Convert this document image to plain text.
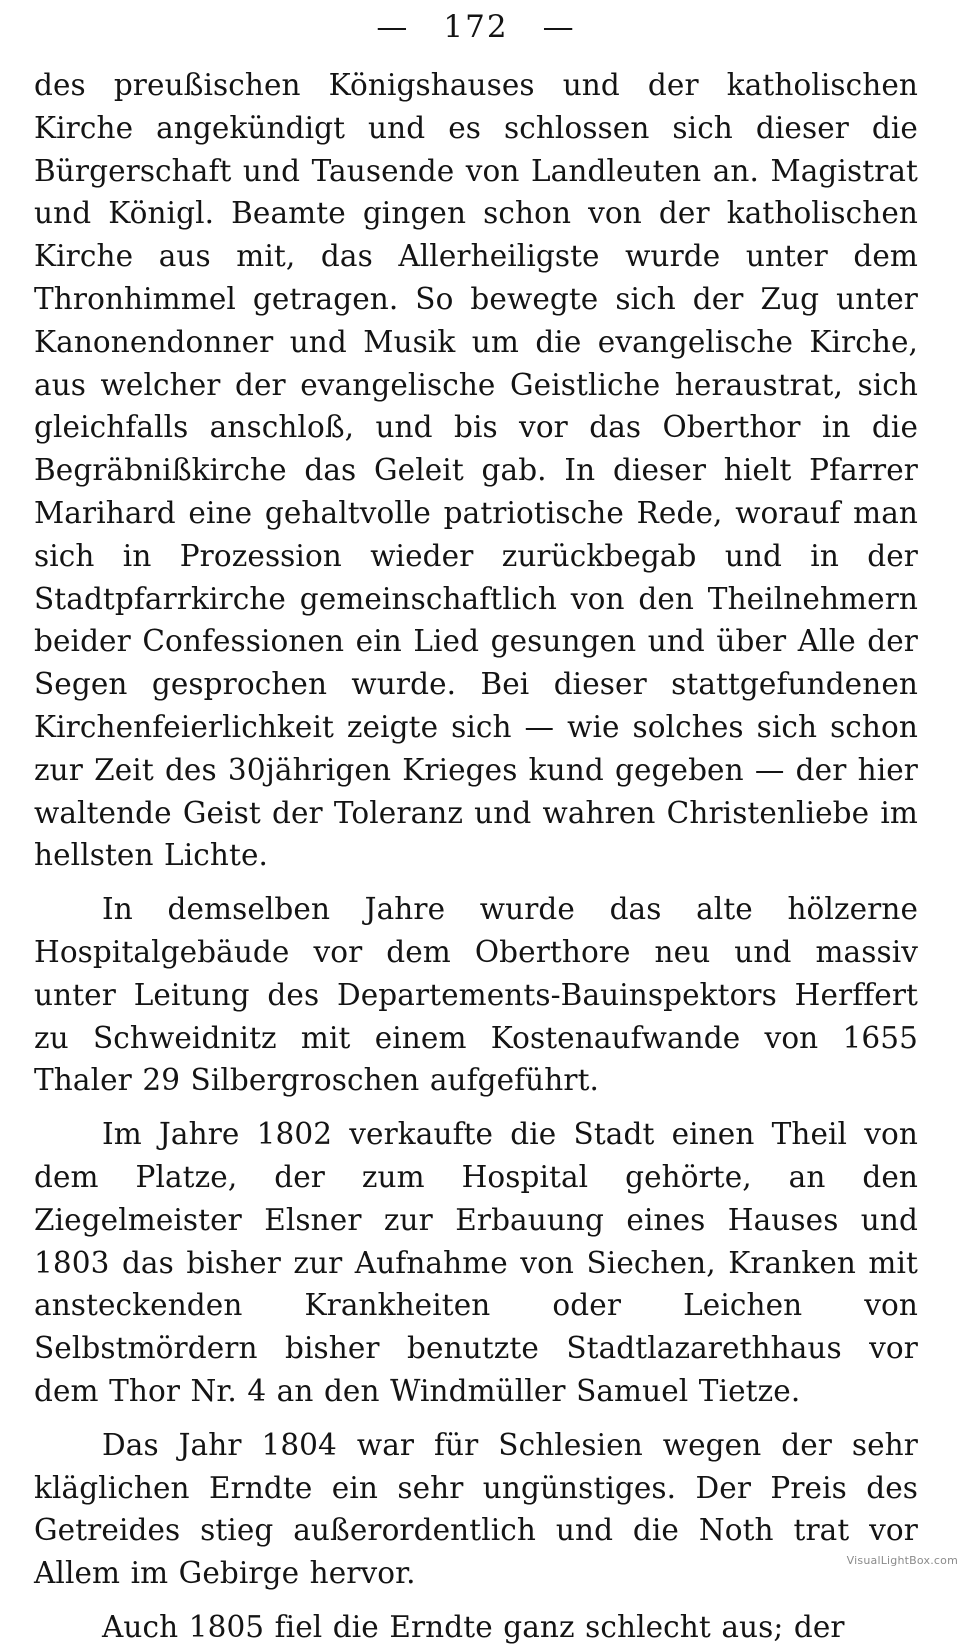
— 172 —

des preußischen Königshauses und der katholischen Kirche angekündigt und es schlossen sich dieser die Bürgerschaft und Tausende von Landleuten an. Magistrat und Königl. Beamte gingen schon von der katholischen Kirche aus mit, das Allerheiligste wurde unter dem Thronhimmel getragen. So bewegte sich der Zug unter Kanonendonner und Musik um die evangelische Kirche, aus welcher der evangelische Geistliche heraustrat, sich gleichfalls anschloß, und bis vor das Oberthor in die Begräbnißkirche das Geleit gab. In dieser hielt Pfarrer Marihard eine gehaltvolle patriotische Rede, worauf man sich in Prozession wieder zurückbegab und in der Stadtpfarrkirche gemeinschaftlich von den Theilnehmern beider Confessionen ein Lied gesungen und über Alle der Segen gesprochen wurde. Bei dieser stattgefundenen Kirchenfeierlichkeit zeigte sich — wie solches sich schon zur Zeit des 30jährigen Krieges kund gegeben — der hier waltende Geist der Toleranz und wahren Christenliebe im hellsten Lichte.

In demselben Jahre wurde das alte hölzerne Hospitalgebäude vor dem Oberthore neu und massiv unter Leitung des Departements-Bauinspektors Herffert zu Schweidnitz mit einem Kostenaufwande von 1655 Thaler 29 Silbergroschen aufgeführt.

Im Jahre 1802 verkaufte die Stadt einen Theil von dem Platze, der zum Hospital gehörte, an den Ziegelmeister Elsner zur Erbauung eines Hauses und 1803 das bisher zur Aufnahme von Siechen, Kranken mit ansteckenden Krankheiten oder Leichen von Selbstmördern bisher benutzte Stadtlazarethhaus vor dem Thor Nr. 4 an den Windmüller Samuel Tietze.

Das Jahr 1804 war für Schlesien wegen der sehr kläglichen Erndte ein sehr ungünstiges. Der Preis des Getreides stieg außerordentlich und die Noth trat vor Allem im Gebirge hervor.

Auch 1805 fiel die Erndte ganz schlecht aus; der

VisualLightBox.com
